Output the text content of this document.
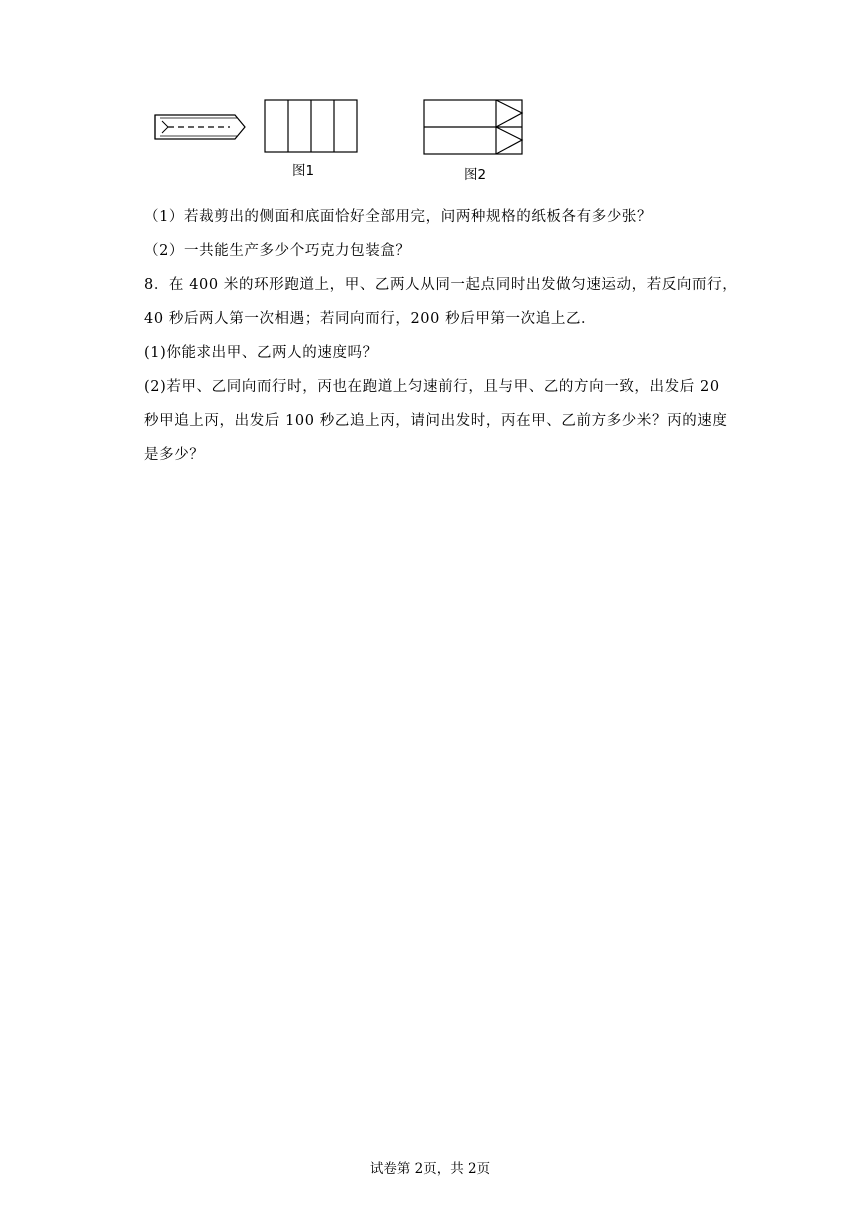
图1	图2
（1）若裁剪出的侧面和底面恰好全部用完，问两种规格的纸板各有多少张？
（2）一共能生产多少个巧克力包装盒？
8．在 400 米的环形跑道上，甲、乙两人从同一起点同时出发做匀速运动，若反向而行，
40 秒后两人第一次相遇；若同向而行，200 秒后甲第一次追上乙．
(1)你能求出甲、乙两人的速度吗？
(2)若甲、乙同向而行时，丙也在跑道上匀速前行，且与甲、乙的方向一致，出发后 20
秒甲追上丙，出发后 100 秒乙追上丙，请问出发时，丙在甲、乙前方多少米？丙的速度
是多少？
试卷第 2页，共 2页
